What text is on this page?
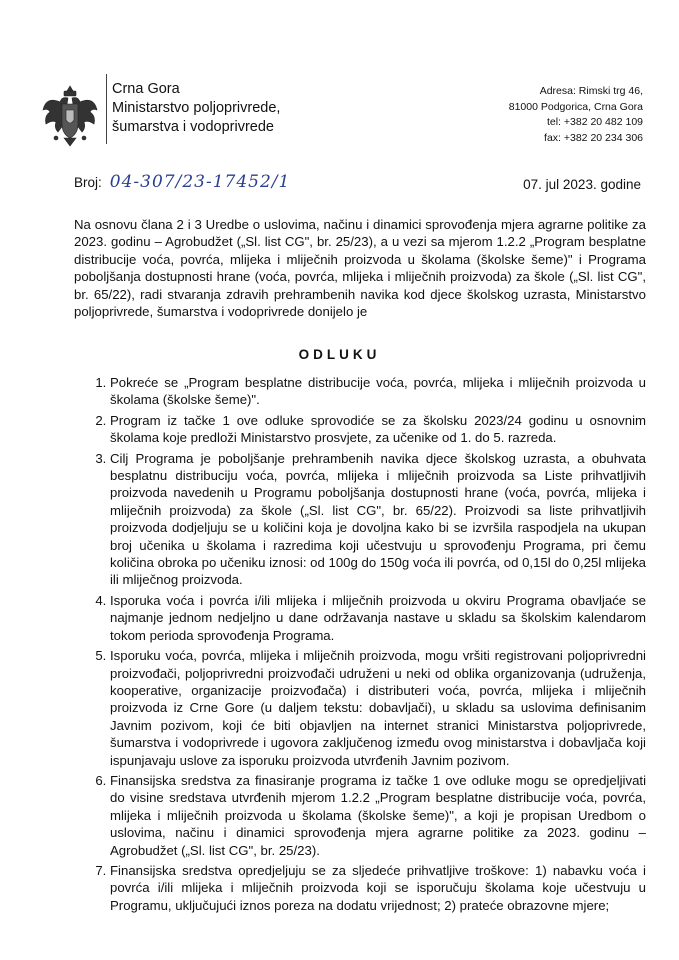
Crna Gora
Ministarstvo poljoprivrede,
šumarstva i vodoprivrede
Adresa: Rimski trg 46,
81000 Podgorica, Crna Gora
tel: +382 20 482 109
fax: +382 20 234 306
Broj: 04-307/23-17452/1	07. jul 2023. godine
Na osnovu člana 2 i 3 Uredbe o uslovima, načinu i dinamici sprovođenja mjera agrarne politike za 2023. godinu – Agrobudžet („Sl. list CG", br. 25/23), a u vezi sa mjerom 1.2.2 „Program besplatne distribucije voća, povrća, mlijeka i mliječnih proizvoda u školama (školske šeme)" i Programa poboljšanja dostupnosti hrane (voća, povrća, mlijeka i mliječnih proizvoda) za škole („Sl. list CG", br. 65/22), radi stvaranja zdravih prehrambenih navika kod djece školskog uzrasta, Ministarstvo poljoprivrede, šumarstva i vodoprivrede donijelo je
ODLUKU
1. Pokreće se „Program besplatne distribucije voća, povrća, mlijeka i mliječnih proizvoda u školama (školske šeme)".
2. Program iz tačke 1 ove odluke sprovodiće se za školsku 2023/24 godinu u osnovnim školama koje predloži Ministarstvo prosvjete, za učenike od 1. do 5. razreda.
3. Cilj Programa je poboljšanje prehrambenih navika djece školskog uzrasta, a obuhvata besplatnu distribuciju voća, povrća, mlijeka i mliječnih proizvoda sa Liste prihvatljivih proizvoda navedenih u Programu poboljšanja dostupnosti hrane (voća, povrća, mlijeka i mliječnih proizvoda) za škole („Sl. list CG", br. 65/22). Proizvodi sa liste prihvatljivih proizvoda dodjeljuju se u količini koja je dovoljna kako bi se izvršila raspodjela na ukupan broj učenika u školama i razredima koji učestvuju u sprovođenju Programa, pri čemu količina obroka po učeniku iznosi: od 100g do 150g voća ili povrća, od 0,15l do 0,25l mlijeka ili mliječnog proizvoda.
4. Isporuka voća i povrća i/ili mlijeka i mliječnih proizvoda u okviru Programa obavljaće se najmanje jednom nedjeljno u dane održavanja nastave u skladu sa školskim kalendarom tokom perioda sprovođenja Programa.
5. Isporuku voća, povrća, mlijeka i mliječnih proizvoda, mogu vršiti registrovani poljoprivredni proizvođači, poljoprivredni proizvođači udruženi u neki od oblika organizovanja (udruženja, kooperative, organizacije proizvođača) i distributeri voća, povrća, mlijeka i mliječnih proizvoda iz Crne Gore (u daljem tekstu: dobavljači), u skladu sa uslovima definisanim Javnim pozivom, koji će biti objavljen na internet stranici Ministarstva poljoprivrede, šumarstva i vodoprivrede i ugovora zaključenog između ovog ministarstva i dobavljača koji ispunjavaju uslove za isporuku proizvoda utvrđenih Javnim pozivom.
6. Finansijska sredstva za finasiranje programa iz tačke 1 ove odluke mogu se opredjeljivati do visine sredstava utvrđenih mjerom 1.2.2 „Program besplatne distribucije voća, povrća, mlijeka i mliječnih proizvoda u školama (školske šeme)", a koji je propisan Uredbom o uslovima, načinu i dinamici sprovođenja mjera agrarne politike za 2023. godinu – Agrobudžet („Sl. list CG", br. 25/23).
7. Finansijska sredstva opredjeljuju se za sljedeće prihvatljive troškove: 1) nabavku voća i povrća i/ili mlijeka i mliječnih proizvoda koji se isporučuju školama koje učestvuju u Programu, uključujući iznos poreza na dodatu vrijednost; 2) prateće obrazovne mjere;
